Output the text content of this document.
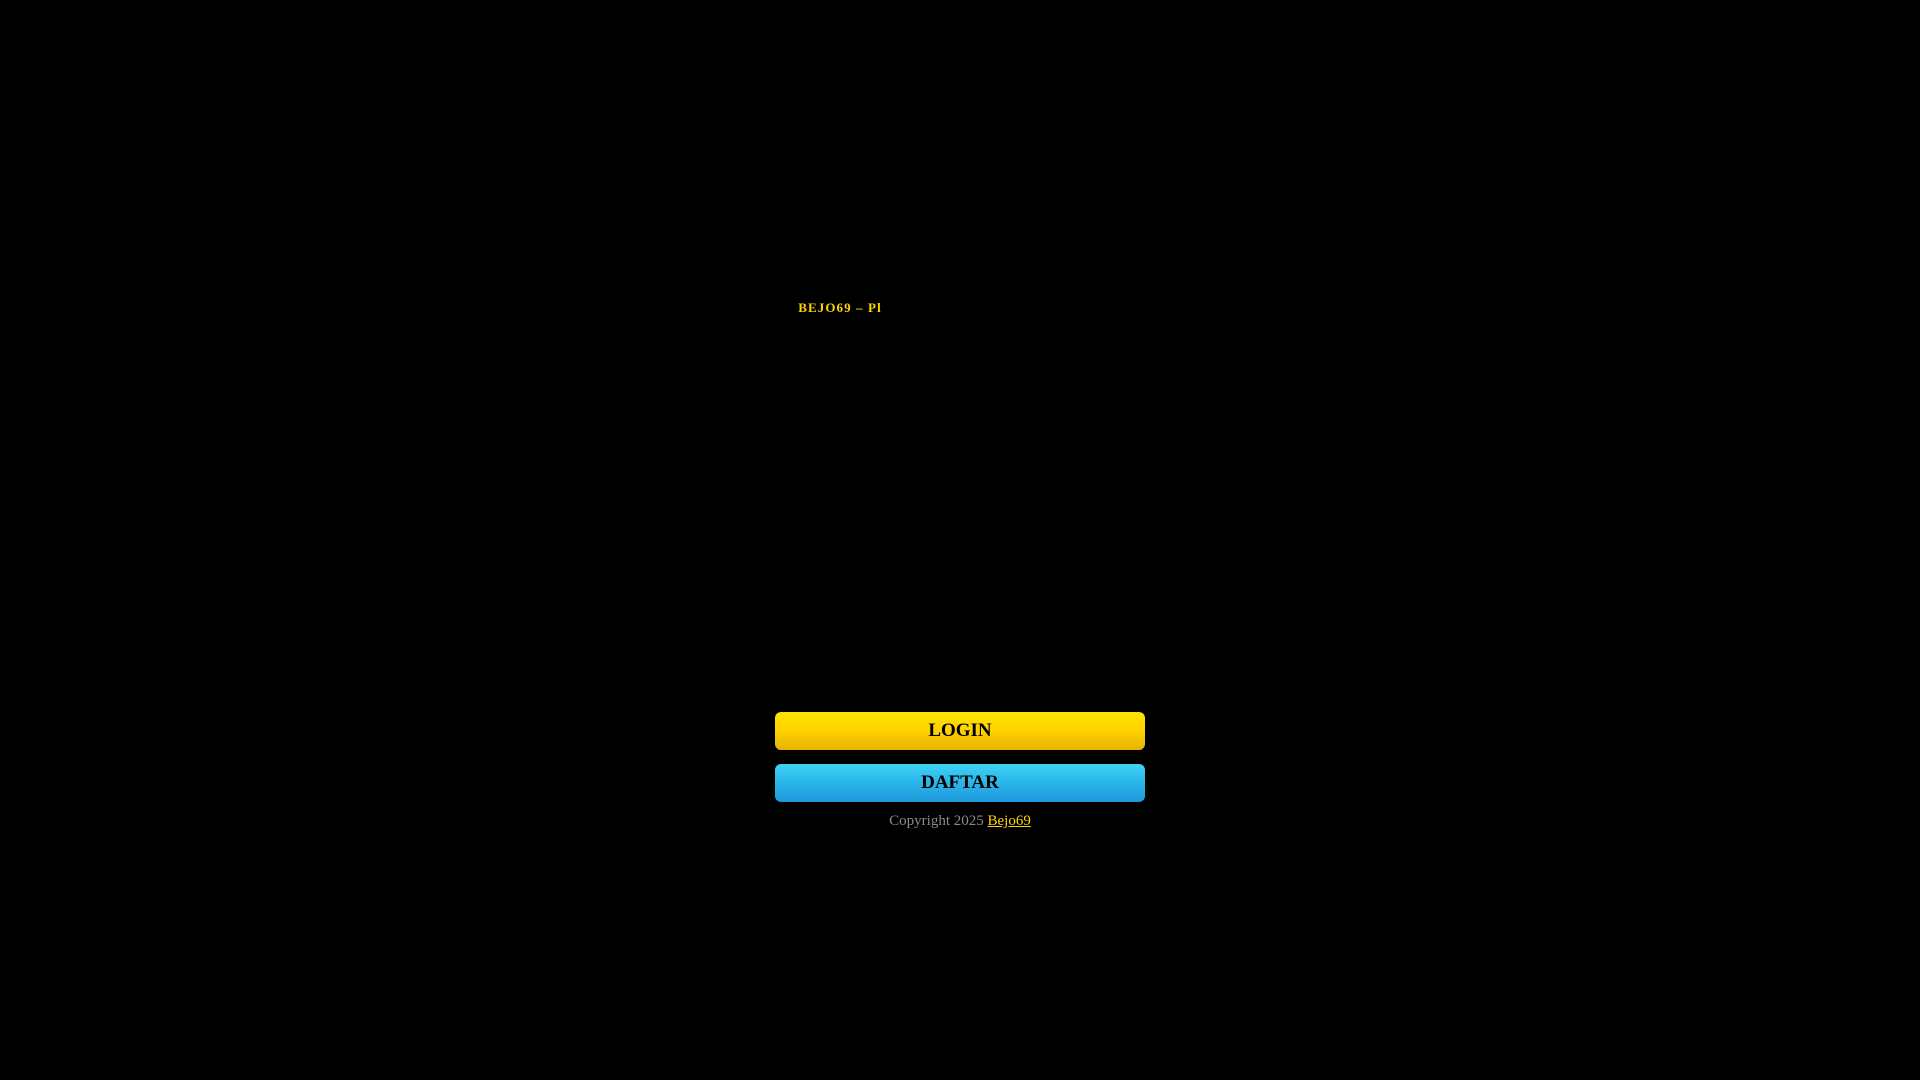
BEJO69 – Pl
LOGIN
DAFTAR
Copyright 2025 Bejo69
